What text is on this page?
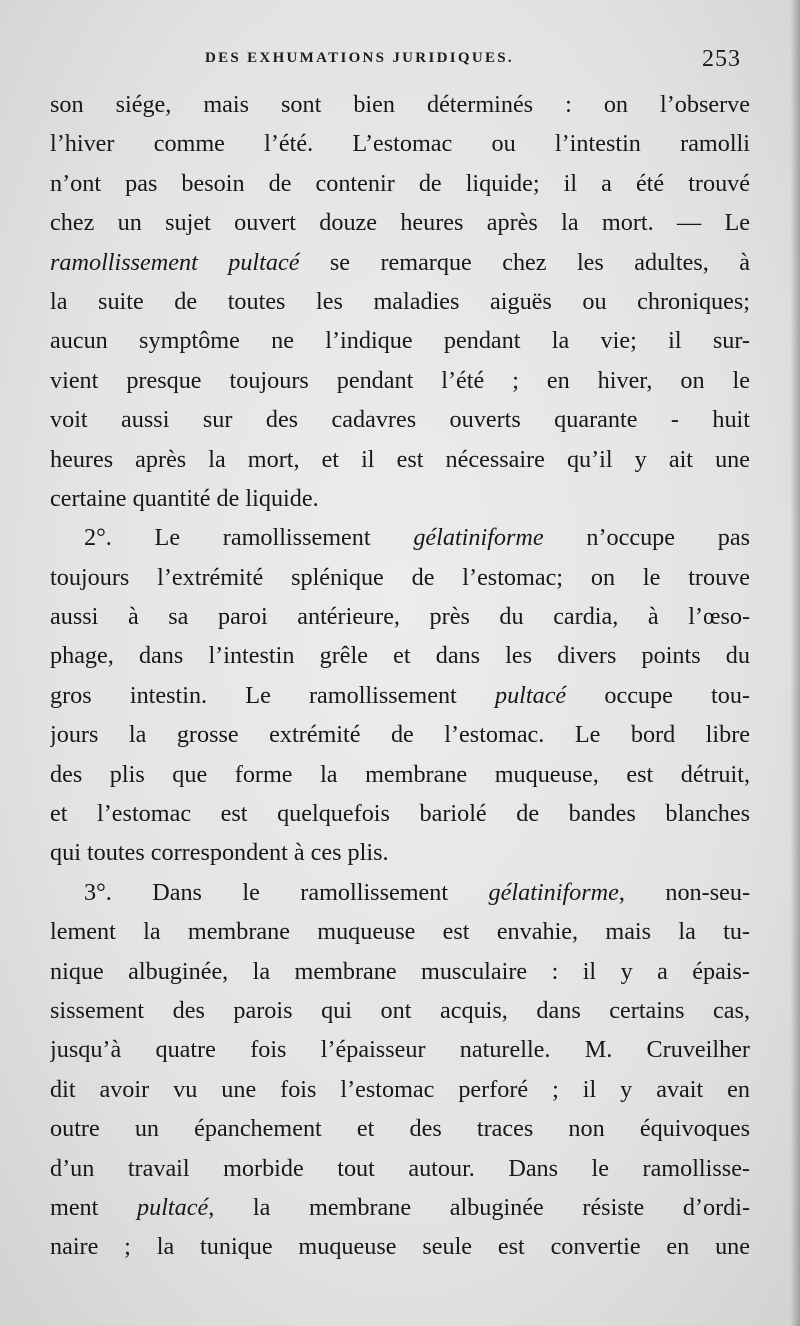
DES EXHUMATIONS JURIDIQUES.	253
son siége, mais sont bien déterminés : on l’observe
l’hiver comme l’été. L’estomac ou l’intestin ramolli
n’ont pas besoin de contenir de liquide; il a été trouvé
chez un sujet ouvert douze heures après la mort. — Le
ramollissement pultacé se remarque chez les adultes, à
la suite de toutes les maladies aiguës ou chroniques;
aucun symptôme ne l’indique pendant la vie; il sur-
vient presque toujours pendant l’été ; en hiver, on le
voit aussi sur des cadavres ouverts quarante - huit
heures après la mort, et il est nécessaire qu’il y ait une
certaine quantité de liquide.
2°. Le ramollissement gélatiniforme n’occupe pas
toujours l’extrémité splénique de l’estomac; on le trouve
aussi à sa paroi antérieure, près du cardia, à l’œso-
phage, dans l’intestin grêle et dans les divers points du
gros intestin. Le ramollissement pultacé occupe tou-
jours la grosse extrémité de l’estomac. Le bord libre
des plis que forme la membrane muqueuse, est détruit,
et l’estomac est quelquefois bariolé de bandes blanches
qui toutes correspondent à ces plis.
3°. Dans le ramollissement gélatiniforme, non-seu-
lement la membrane muqueuse est envahie, mais la tu-
nique albuginée, la membrane musculaire : il y a épais-
sissement des parois qui ont acquis, dans certains cas,
jusqu’à quatre fois l’épaisseur naturelle. M. Cruveilher
dit avoir vu une fois l’estomac perforé ; il y avait en
outre un épanchement et des traces non équivoques
d’un travail morbide tout autour. Dans le ramollisse-
ment pultacé, la membrane albuginée résiste d’ordi-
naire ; la tunique muqueuse seule est convertie en une
